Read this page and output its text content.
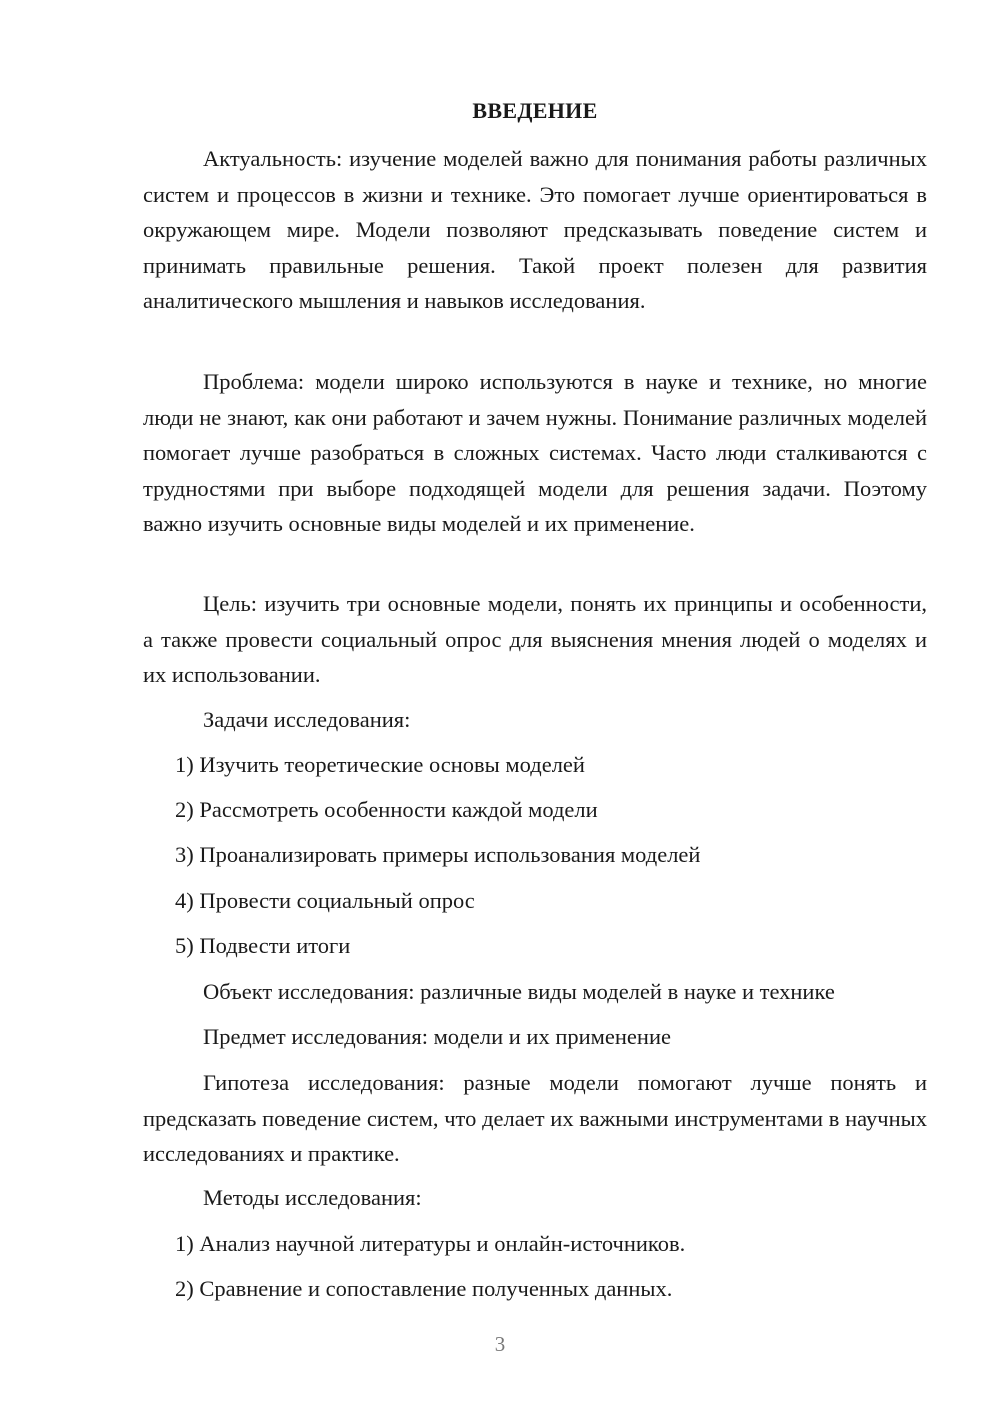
ВВЕДЕНИЕ

Актуальность: изучение моделей важно для понимания работы различных систем и процессов в жизни и технике. Это помогает лучше ориентироваться в окружающем мире. Модели позволяют предсказывать поведение систем и принимать правильные решения. Такой проект полезен для развития аналитического мышления и навыков исследования.

Проблема: модели широко используются в науке и технике, но многие люди не знают, как они работают и зачем нужны. Понимание различных моделей помогает лучше разобраться в сложных системах. Часто люди сталкиваются с трудностями при выборе подходящей модели для решения задачи. Поэтому важно изучить основные виды моделей и их применение.

Цель: изучить три основные модели, понять их принципы и особенности, а также провести социальный опрос для выяснения мнения людей о моделях и их использовании.

Задачи исследования:

1) Изучить теоретические основы моделей

2) Рассмотреть особенности каждой модели

3) Проанализировать примеры использования моделей

4) Провести социальный опрос

5) Подвести итоги

Объект исследования: различные виды моделей в науке и технике

Предмет исследования: модели и их применение

Гипотеза исследования: разные модели помогают лучше понять и предсказать поведение систем, что делает их важными инструментами в научных исследованиях и практике.

Методы исследования:

1) Анализ научной литературы и онлайн-источников.

2) Сравнение и сопоставление полученных данных.

3
